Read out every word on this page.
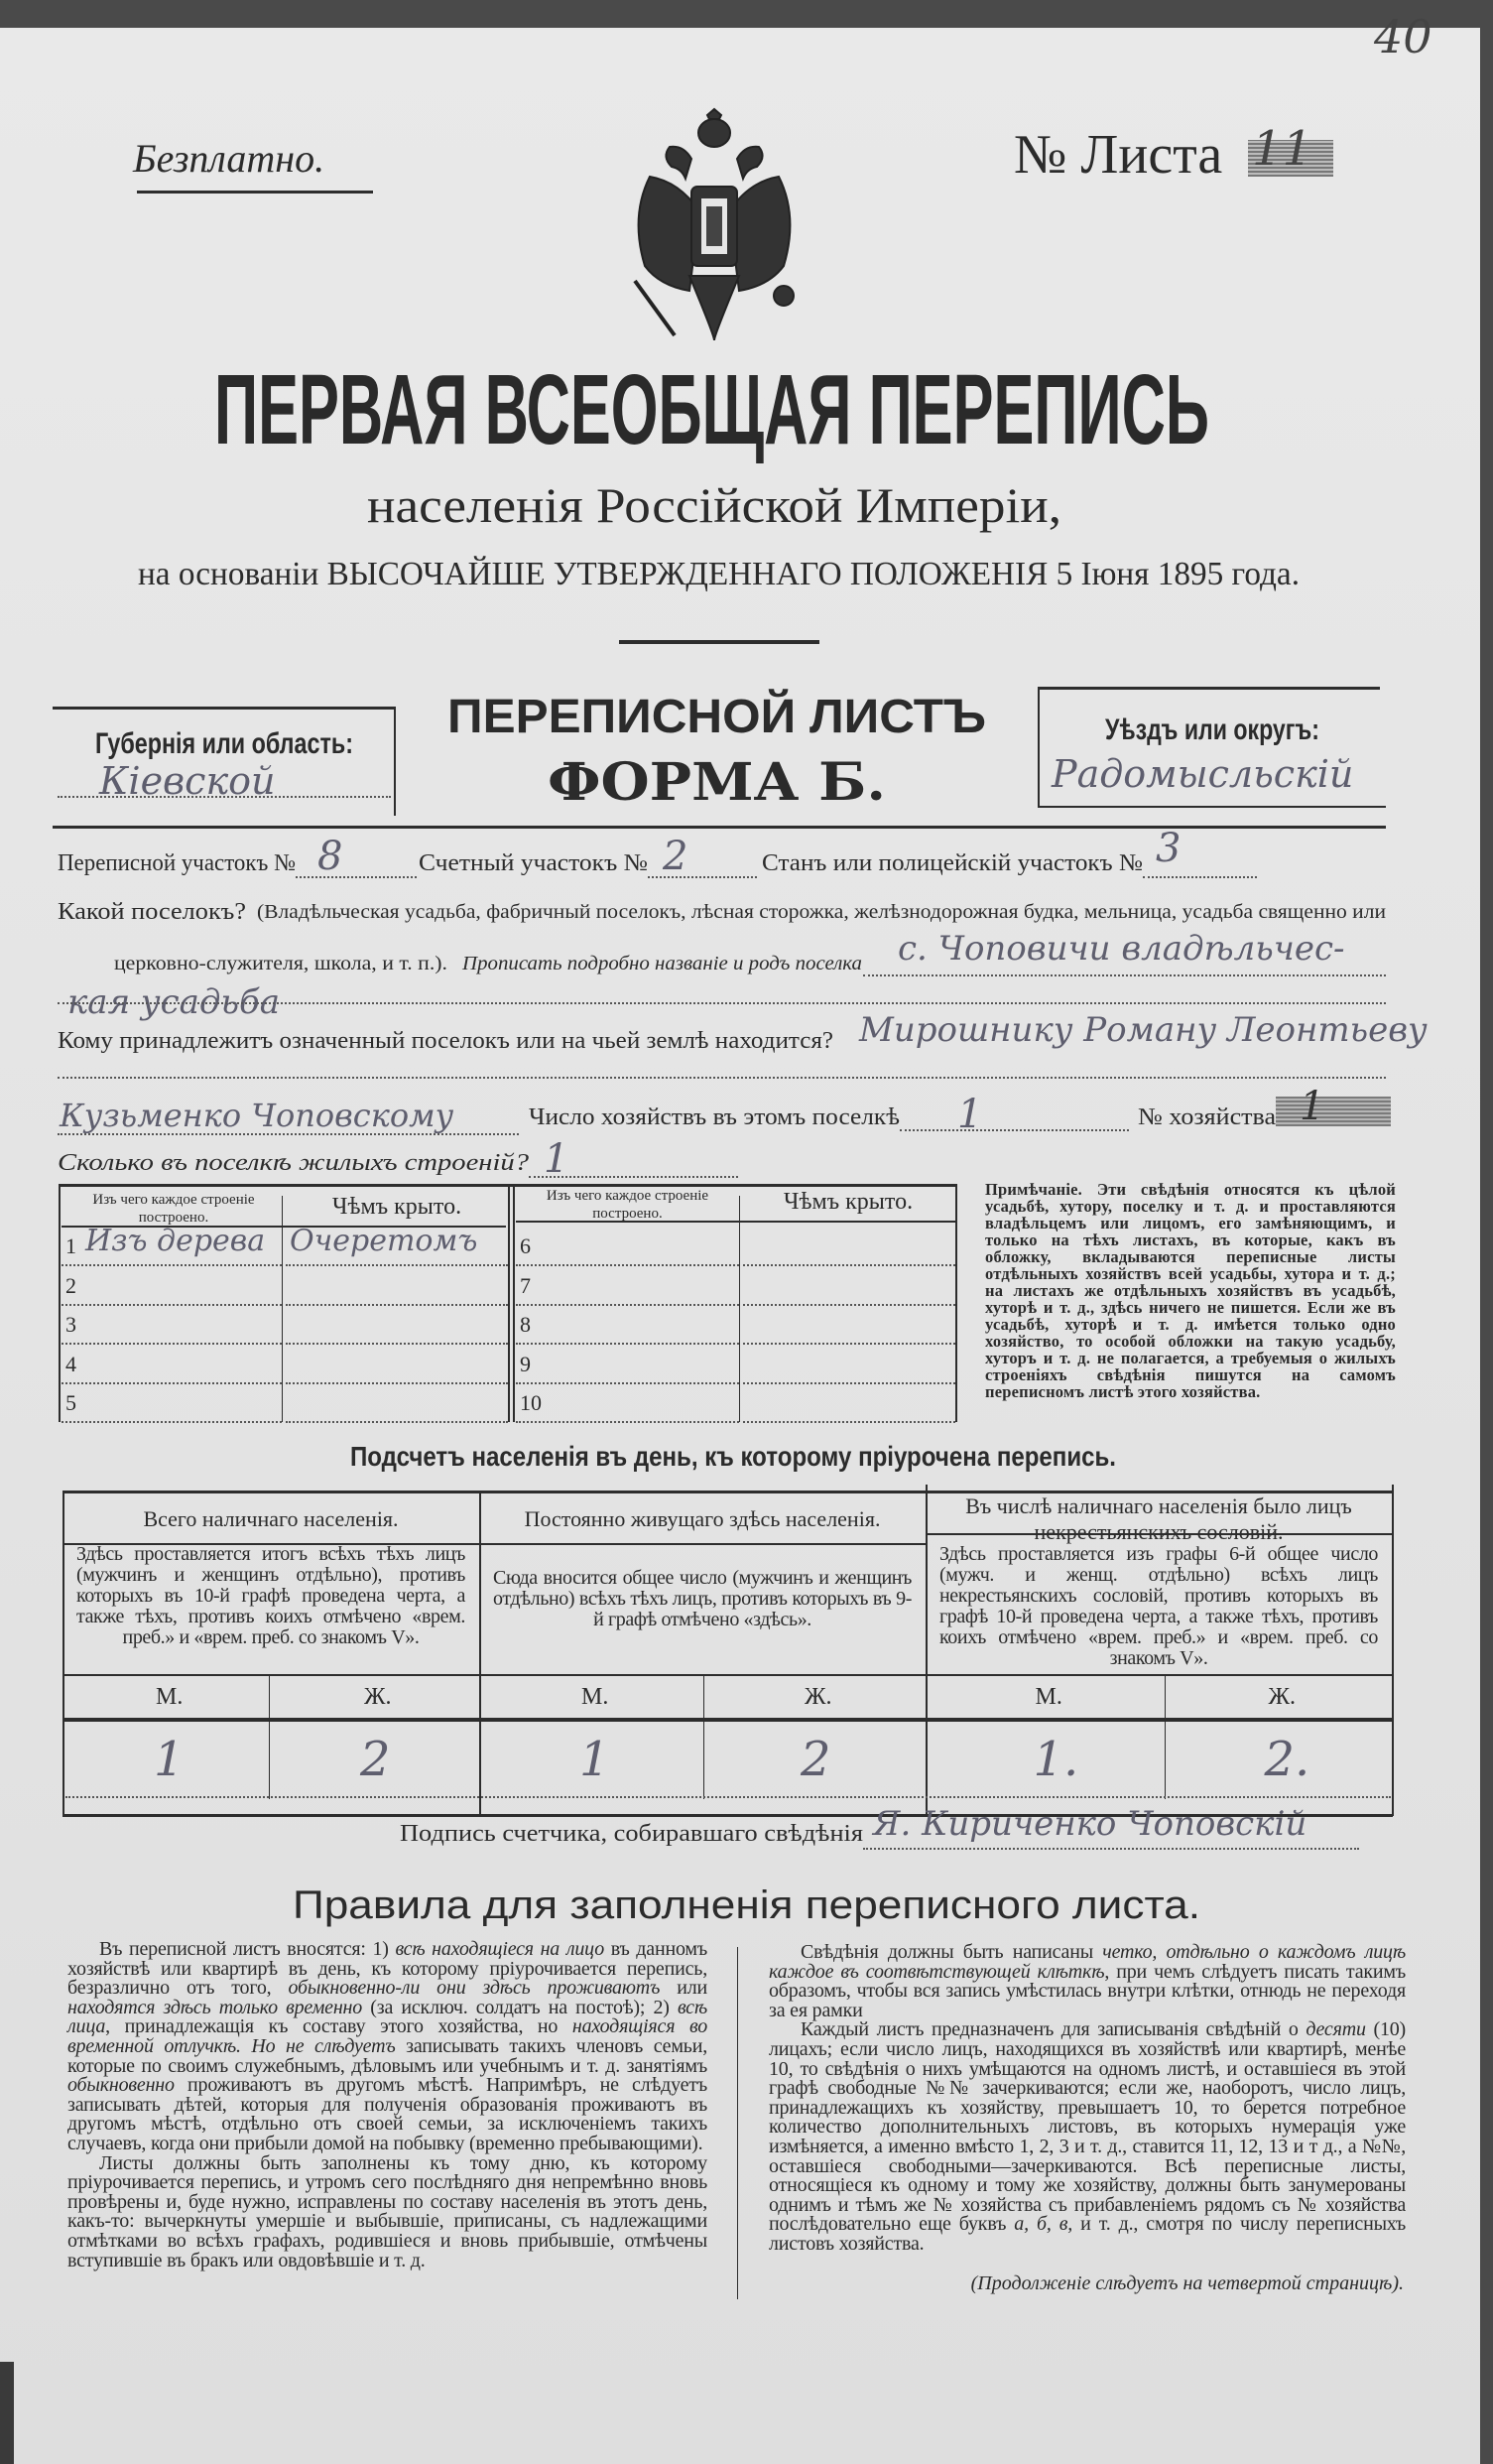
40
Безплатно.	№ Листа 11
ПЕРВАЯ ВСЕОБЩАЯ ПЕРЕПИСЬ
населенія Россійской Имперіи,
на основаніи ВЫСОЧАЙШЕ УТВЕРЖДЕННАГО ПОЛОЖЕНІЯ 5 Іюня 1895 года.
Губернія или область:
Кіевской
ПЕРЕПИСНОЙ ЛИСТЪ
ФОРМА Б.
Уѣздъ или округъ:
Радомысльскій
Переписной участокъ № 8	Счетный участокъ № 2	Станъ или полицейскій участокъ № 3
Какой поселокъ? (Владѣльческая усадьба, фабричный поселокъ, лѣсная сторожка, желѣзнодорожная будка, мельница, усадьба священно или
церковно-служителя, школа, и т. п.). Прописать подробно названіе и родъ поселка с. Чоповичи владѣльчес-
кая усадьба
Кому принадлежитъ означенный поселокъ или на чьей землѣ находится? Мирошнику Роману Леонтьеву
Кузьменко Чоповскому	Число хозяйствъ въ этомъ поселкѣ 1	№ хозяйства 1
Сколько въ поселкѣ жилыхъ строеній? 1
Изъ чего каждое строеніе построено.	Чѣмъ крыто.	Изъ чего каждое строеніе построено.	Чѣмъ крыто.
1 Изъ дерева Очеретомъ
2
3
4
5
6
7
8
9
10
Примѣчаніе. Эти свѣдѣнія относятся къ цѣлой усадьбѣ, хутору, поселку и т. д. и проставляются владѣльцемъ или лицомъ, его замѣняющимъ, и только на тѣхъ листахъ, въ которые, какъ въ обложку, вкладываются переписные листы отдѣльныхъ хозяйствъ всей усадьбы, хутора и т. д.; на листахъ же отдѣльныхъ хозяйствъ въ усадьбѣ, хуторѣ и т. д., здѣсь ничего не пишется. Если же въ усадьбѣ, хуторѣ и т. д. имѣется только одно хозяйство, то особой обложки на такую усадьбу, хуторъ и т. д. не полагается, а требуемыя о жилыхъ строеніяхъ свѣдѣнія пишутся на самомъ переписномъ листѣ этого хозяйства.
Подсчетъ населенія въ день, къ которому пріурочена перепись.
Всего наличнаго населенія.
Здѣсь проставляется итогъ всѣхъ тѣхъ лицъ (мужчинъ и женщинъ отдѣльно), противъ которыхъ въ 10-й графѣ проведена черта, а также тѣхъ, противъ коихъ отмѣчено «врем. преб.» и «врем. преб. со знакомъ V».
М.	Ж.
1	2
Постоянно живущаго здѣсь населенія.
Сюда вносится общее число (мужчинъ и женщинъ отдѣльно) всѣхъ тѣхъ лицъ, противъ которыхъ въ 9-й графѣ отмѣчено «здѣсь».
М.	Ж.
1	2
Въ числѣ наличнаго населенія было лицъ некрестьянскихъ сословій.
Здѣсь проставляется изъ графы 6-й общее число (мужч. и женщ. отдѣльно) всѣхъ лицъ некрестьянскихъ сословій, противъ которыхъ въ графѣ 10-й проведена черта, а также тѣхъ, противъ коихъ отмѣчено «врем. преб.» и «врем. преб. со знакомъ V».
М.	Ж.
1.	2.
Подпись счетчика, собиравшаго свѣдѣнія Я. Кириченко Чоповскій
Правила для заполненія переписного листа.

Въ переписной листъ вносятся: 1) всѣ находящіеся на лицо въ данномъ хозяйствѣ или квартирѣ въ день, къ которому пріурочивается перепись, безразлично отъ того, обыкновенно-ли они здѣсь проживаютъ или находятся здѣсь только временно (за исключ. солдатъ на постоѣ); 2) всѣ лица, принадлежащія къ составу этого хозяйства, но находящіяся во временной отлучкѣ. Но не слѣдуетъ записывать такихъ членовъ семьи, которые по своимъ служебнымъ, дѣловымъ или учебнымъ и т. д. занятіямъ обыкновенно проживаютъ въ другомъ мѣстѣ. Напримѣръ, не слѣдуетъ записывать дѣтей, которыя для полученія образованія проживаютъ въ другомъ мѣстѣ, отдѣльно отъ своей семьи, за исключеніемъ такихъ случаевъ, когда они прибыли домой на побывку (временно пребывающими).

Листы должны быть заполнены къ тому дню, къ которому пріурочивается перепись, и утромъ сего послѣдняго дня непремѣнно вновь провѣрены и, буде нужно, исправлены по составу населенія въ этотъ день, какъ-то: вычеркнуты умершіе и выбывшіе, приписаны, съ надлежащими отмѣтками во всѣхъ графахъ, родившіеся и вновь прибывшіе, отмѣчены вступившіе въ бракъ или овдовѣвшіе и т. д.

Свѣдѣнія должны быть написаны четко, отдѣльно о каждомъ лицѣ каждое въ соотвѣтствующей клѣткѣ, при чемъ слѣдуетъ писать такимъ образомъ, чтобы вся запись умѣстилась внутри клѣтки, отнюдь не переходя за ея рамки

Каждый листъ предназначенъ для записыванія свѣдѣній о десяти (10) лицахъ; если число лицъ, находящихся въ хозяйствѣ или квартирѣ, менѣе 10, то свѣдѣнія о нихъ умѣщаются на одномъ листѣ, и оставшіеся въ этой графѣ свободные №№ зачеркиваются; если же, наоборотъ, число лицъ, принадлежащихъ къ хозяйству, превышаетъ 10, то берется потребное количество дополнительныхъ листовъ, въ которыхъ нумерація уже измѣняется, а именно вмѣсто 1, 2, 3 и т. д., ставится 11, 12, 13 и т д., а №№, оставшіеся свободными—зачеркиваются. Всѣ переписные листы, относящіеся къ одному и тому же хозяйству, должны быть занумерованы однимъ и тѣмъ же № хозяйства съ прибавленіемъ рядомъ съ № хозяйства послѣдовательно еще буквъ а, б, в, и т. д., смотря по числу переписныхъ листовъ хозяйства.

(Продолженіе слѣдуетъ на четвертой страницѣ).
